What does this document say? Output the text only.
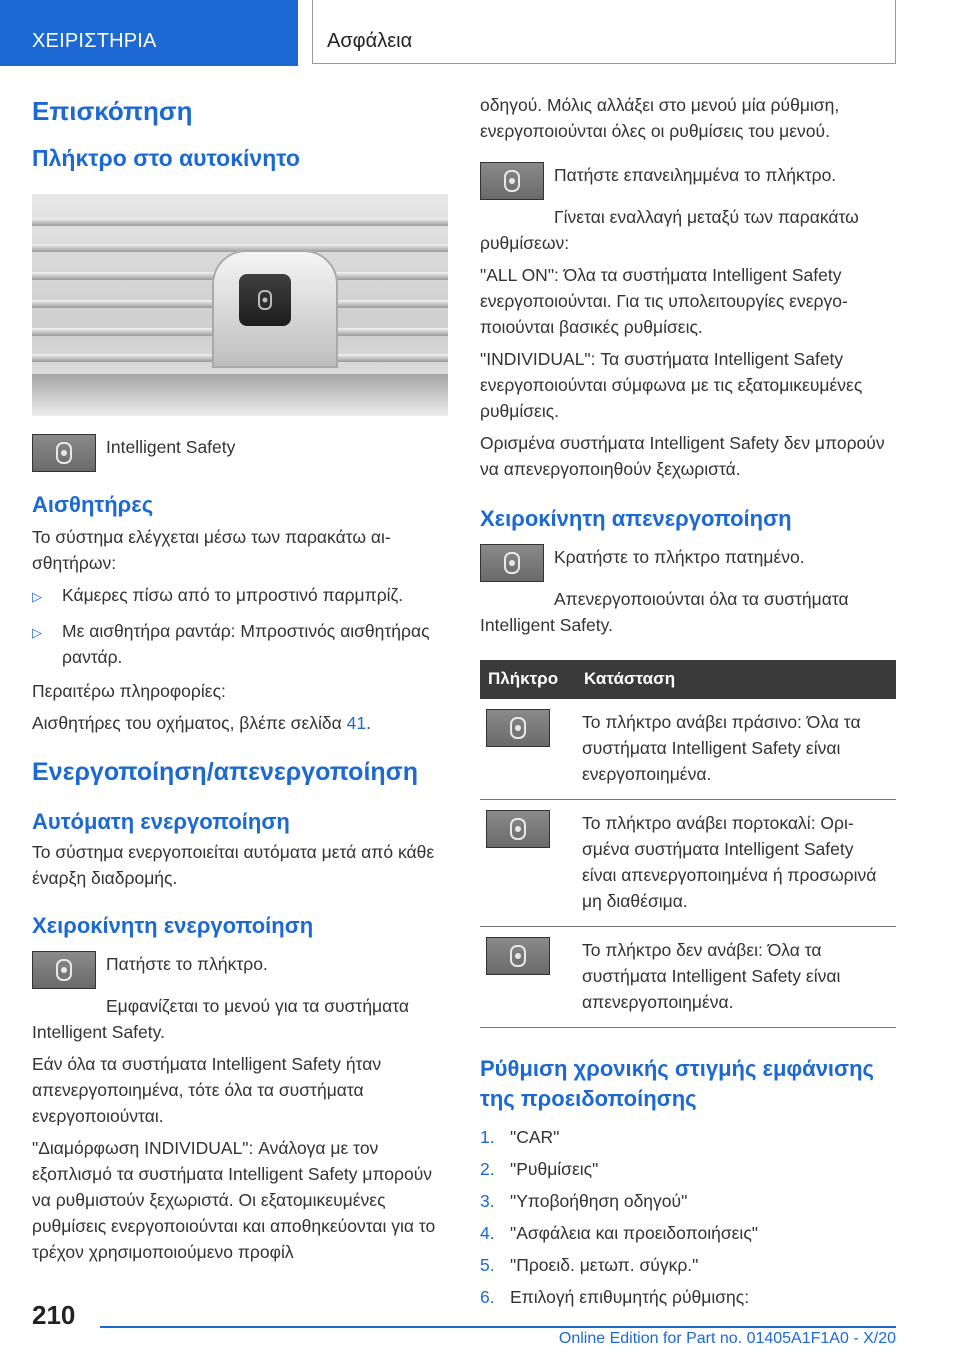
ΧΕΙΡΙΣΤΗΡΙΑ	Ασφάλεια
Επισκόπηση
Πλήκτρο στο αυτοκίνητο
Intelligent Safety
Αισθητήρες
Το σύστημα ελέγχεται μέσω των παρακάτω αισθητήρων:
▷	Κάμερες πίσω από το μπροστινό παρμπρίζ.
▷	Με αισθητήρα ραντάρ: Μπροστινός αισθητήρας ραντάρ.
Περαιτέρω πληροφορίες:
Αισθητήρες του οχήματος, βλέπε σελίδα 41.
Ενεργοποίηση/απενεργοποίηση
Αυτόματη ενεργοποίηση
Το σύστημα ενεργοποιείται αυτόματα μετά από κάθε έναρξη διαδρομής.
Χειροκίνητη ενεργοποίηση
Πατήστε το πλήκτρο.
Εμφανίζεται το μενού για τα συστήματα Intelligent Safety.
Εάν όλα τα συστήματα Intelligent Safety ήταν απενεργοποιημένα, τότε όλα τα συστήματα ενεργοποιούνται.
"Διαμόρφωση INDIVIDUAL": Ανάλογα με τον εξοπλισμό τα συστήματα Intelligent Safety μπορούν να ρυθμιστούν ξεχωριστά. Οι εξατομικευμένες ρυθμίσεις ενεργοποιούνται και αποθηκεύονται για το τρέχον χρησιμοποιούμενο προφίλ
οδηγού. Μόλις αλλάξει στο μενού μία ρύθμιση, ενεργοποιούνται όλες οι ρυθμίσεις του μενού.
Πατήστε επανειλημμένα το πλήκτρο.
Γίνεται εναλλαγή μεταξύ των παρακάτω ρυθμίσεων:
"ALL ON": Όλα τα συστήματα Intelligent Safety ενεργοποιούνται. Για τις υπολειτουργίες ενεργοποιούνται βασικές ρυθμίσεις.
"INDIVIDUAL": Τα συστήματα Intelligent Safety ενεργοποιούνται σύμφωνα με τις εξατομικευμένες ρυθμίσεις.
Ορισμένα συστήματα Intelligent Safety δεν μπορούν να απενεργοποιηθούν ξεχωριστά.
Χειροκίνητη απενεργοποίηση
Κρατήστε το πλήκτρο πατημένο.
Απενεργοποιούνται όλα τα συστήματα Intelligent Safety.
Πλήκτρο	Κατάσταση

	Το πλήκτρο ανάβει πράσινο: Όλα τα συστήματα Intelligent Safety είναι ενεργοποιημένα.

	Το πλήκτρο ανάβει πορτοκαλί: Ορισμένα συστήματα Intelligent Safety είναι απενεργοποιημένα ή προσωρινά μη διαθέσιμα.

	Το πλήκτρο δεν ανάβει: Όλα τα συστήματα Intelligent Safety είναι απενεργοποιημένα.
Ρύθμιση χρονικής στιγμής εμφάνισης της προειδοποίησης
1. "CAR"
2. "Ρυθμίσεις"
3. "Υποβοήθηση οδηγού"
4. "Ασφάλεια και προειδοποιήσεις"
5. "Προειδ. μετωπ. σύγκρ."
6. Επιλογή επιθυμητής ρύθμισης:
210
Online Edition for Part no. 01405A1F1A0 - X/20
